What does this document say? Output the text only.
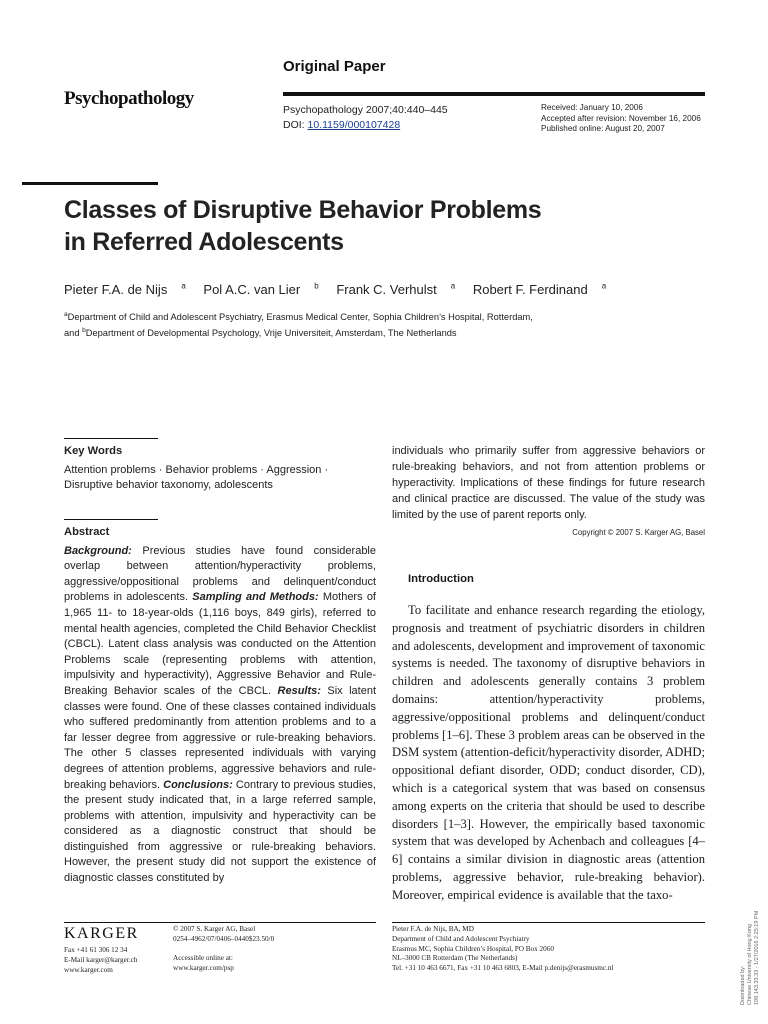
Psychopathology
Original Paper
Psychopathology 2007;40:440–445
DOI: 10.1159/000107428
Received: January 10, 2006
Accepted after revision: November 16, 2006
Published online: August 20, 2007
Classes of Disruptive Behavior Problems
in Referred Adolescents
Pieter F.A. de Nijs $^a$ Pol A.C. van Lier $^b$ Frank C. Verhulst $^a$ Robert F. Ferdinand $^a$
$^a$Department of Child and Adolescent Psychiatry, Erasmus Medical Center, Sophia Children’s Hospital, Rotterdam,
and $^b$Department of Developmental Psychology, Vrije Universiteit, Amsterdam, The Netherlands
Key Words
Attention problems · Behavior problems · Aggression ·
Disruptive behavior taxonomy, adolescents
Abstract

Background: Previous studies have found considerable overlap between attention/hyperactivity problems, aggressive/oppositional problems and delinquent/conduct problems in adolescents. Sampling and Methods: Mothers of 1,965 11- to 18-year-olds (1,116 boys, 849 girls), referred to mental health agencies, completed the Child Behavior Checklist (CBCL). Latent class analysis was conducted on the Attention Problems scale (representing problems with attention, impulsivity and hyperactivity), Aggressive Behavior and Rule-Breaking Behavior scales of the CBCL. Results: Six latent classes were found. One of these classes contained individuals who suffered predominantly from attention problems and to a far lesser degree from aggressive or rule-breaking behaviors. The other 5 classes represented individuals with varying degrees of attention problems, aggressive behaviors and rule-breaking behaviors. Conclusions: Contrary to previous studies, the present study indicated that, in a large referred sample, problems with attention, impulsivity and hyperactivity can be considered as a diagnostic construct that should be distinguished from aggressive or rule-breaking behaviors. However, the present study did not support the existence of diagnostic classes constituted by

individuals who primarily suffer from aggressive behaviors or rule-breaking behaviors, and not from attention problems or hyperactivity. Implications of these findings for future research and clinical practice are discussed. The value of the study was limited by the use of parent reports only.
Copyright © 2007 S. Karger AG, Basel
Introduction

To facilitate and enhance research regarding the etiology, prognosis and treatment of psychiatric disorders in children and adolescents, development and improvement of taxonomic systems is needed. The taxonomy of disruptive behaviors in children and adolescents generally contains 3 problem domains: attention/hyperactivity problems, aggressive/oppositional problems and delinquent/conduct problems [1–6]. These 3 problem areas can be observed in the DSM system (attention-deficit/hyperactivity disorder, ADHD; oppositional defiant disorder, ODD; conduct disorder, CD), which is a categorical system that was based on consensus among experts on the criteria that should be used to describe disorders [1–3]. However, the empirically based taxonomic system that was developed by Achenbach and colleagues [4–6] contains a similar division in diagnostic areas (attention problems, aggressive behavior, rule-breaking behavior). Moreover, empirical evidence is available that the taxo-

KARGER
Fax +41 61 306 12 34
E-Mail karger@karger.ch
www.karger.com
© 2007 S. Karger AG, Basel
0254–4962/07/0406–0440$23.50/0
Accessible online at:
www.karger.com/psp
Pieter F.A. de Nijs, BA, MD
Department of Child and Adolescent Psychiatry
Erasmus MC, Sophia Children’s Hospital, PO Box 2060
NL–3000 CB Rotterdam (The Netherlands)
Tel. +31 10 463 6671, Fax +31 10 463 6803, E-Mail p.denijs@erasmusmc.nl	Downloaded by: Chinese University of Hong Kong 198.143.33.33 - 1/27/2016 2:25:19 PM
